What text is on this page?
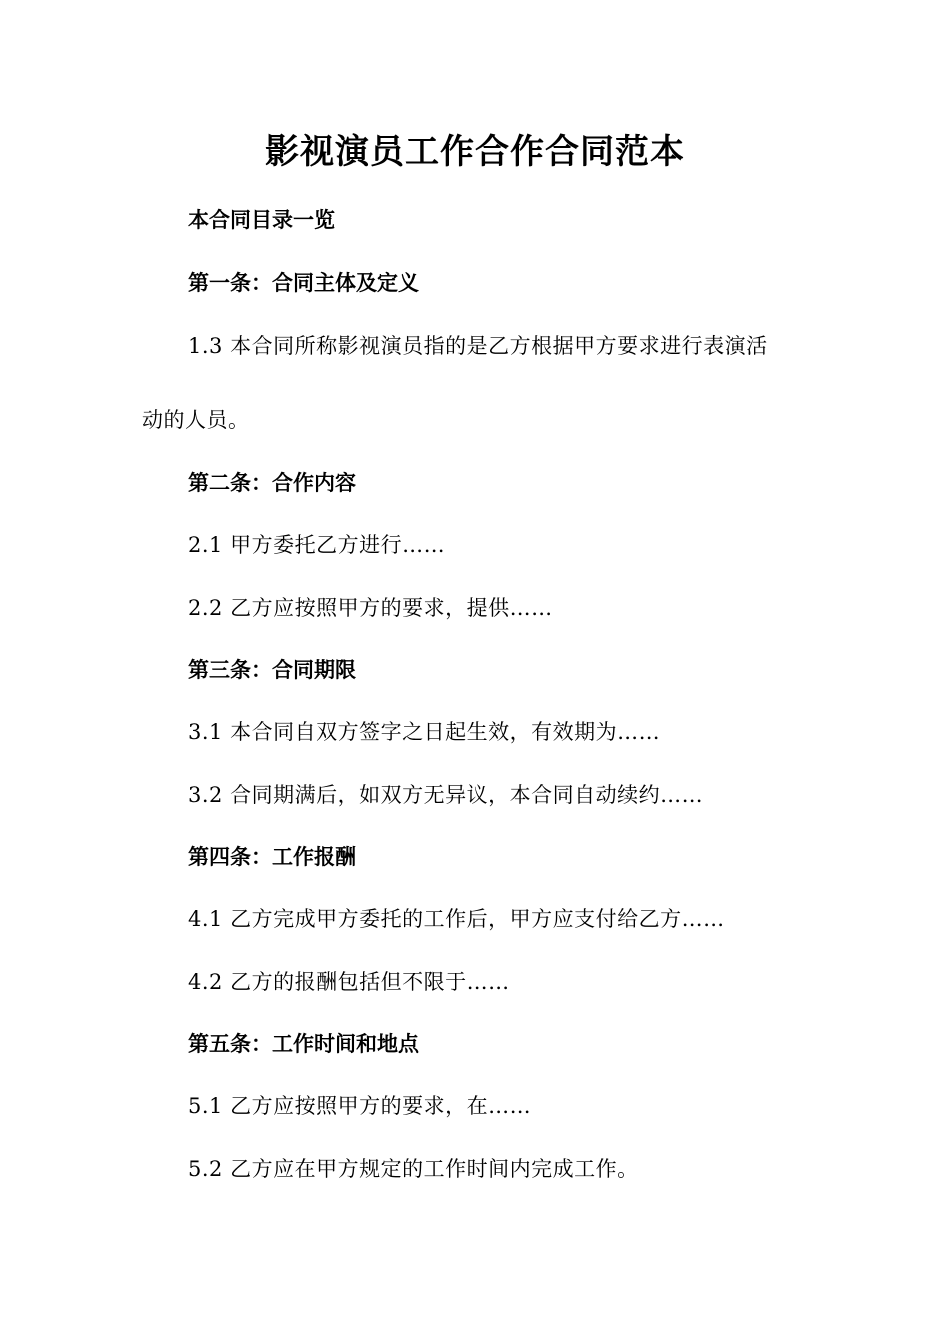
影视演员工作合作合同范本

本合同目录一览

第一条：合同主体及定义

1.3 本合同所称影视演员指的是乙方根据甲方要求进行表演活

动的人员。

第二条：合作内容

2.1 甲方委托乙方进行……

2.2 乙方应按照甲方的要求，提供……

第三条：合同期限

3.1 本合同自双方签字之日起生效，有效期为……

3.2 合同期满后，如双方无异议，本合同自动续约……

第四条：工作报酬

4.1 乙方完成甲方委托的工作后，甲方应支付给乙方……

4.2 乙方的报酬包括但不限于……

第五条：工作时间和地点

5.1 乙方应按照甲方的要求，在……

5.2 乙方应在甲方规定的工作时间内完成工作。
